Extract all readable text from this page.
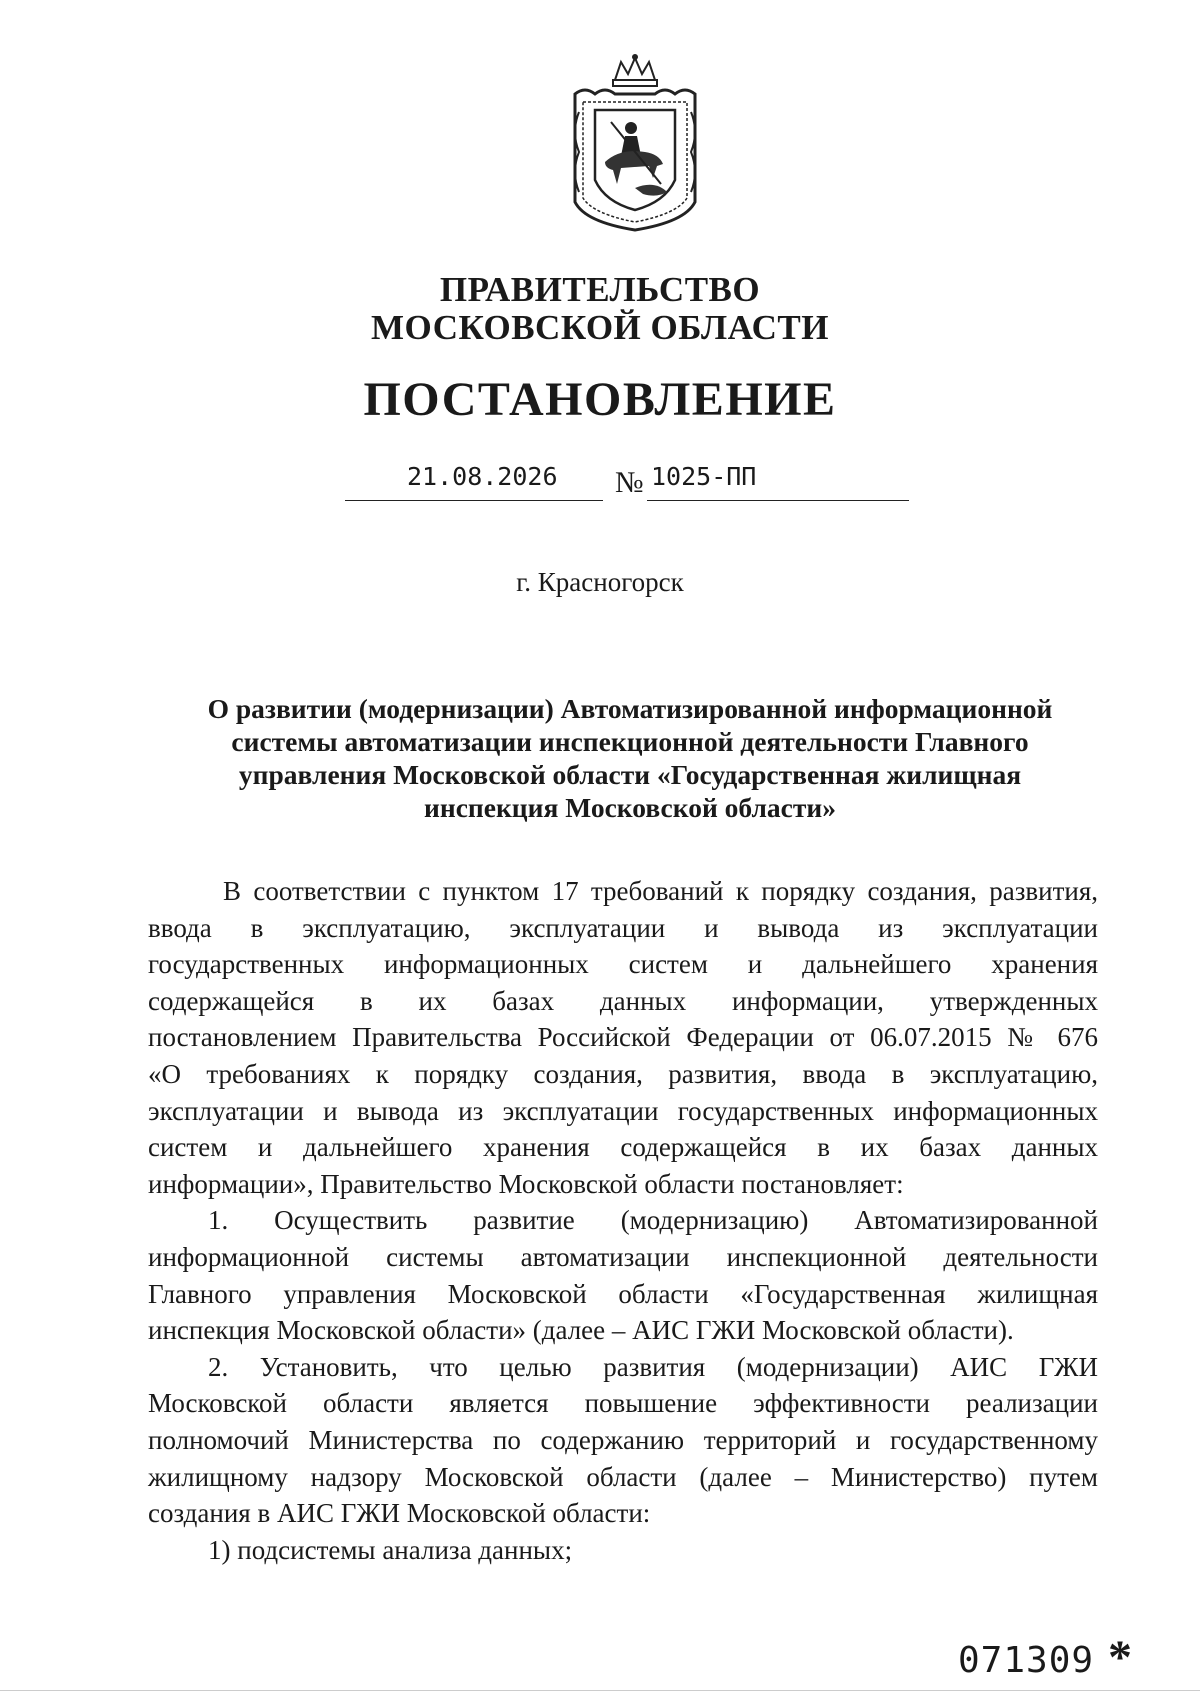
ПРАВИТЕЛЬСТВО
МОСКОВСКОЙ ОБЛАСТИ
ПОСТАНОВЛЕНИЕ
21.08.2026 № 1025-ПП
г. Красногорск
О развитии (модернизации) Автоматизированной информационной
системы автоматизации инспекционной деятельности Главного
управления Московской области «Государственная жилищная
инспекция Московской области»

В соответствии с пунктом 17 требований к порядку создания, развития,
ввода в эксплуатацию, эксплуатации и вывода из эксплуатации
государственных информационных систем и дальнейшего хранения
содержащейся в их базах данных информации, утвержденных
постановлением Правительства Российской Федерации от 06.07.2015 № 676
«О требованиях к порядку создания, развития, ввода в эксплуатацию,
эксплуатации и вывода из эксплуатации государственных информационных
систем и дальнейшего хранения содержащейся в их базах данных
информации», Правительство Московской области постановляет:

1. Осуществить развитие (модернизацию) Автоматизированной
информационной системы автоматизации инспекционной деятельности
Главного управления Московской области «Государственная жилищная
инспекция Московской области» (далее – АИС ГЖИ Московской области).

2. Установить, что целью развития (модернизации) АИС ГЖИ
Московской области является повышение эффективности реализации
полномочий Министерства по содержанию территорий и государственному
жилищному надзору Московской области (далее – Министерство) путем
создания в АИС ГЖИ Московской области:

1) подсистемы анализа данных;

071309 *
